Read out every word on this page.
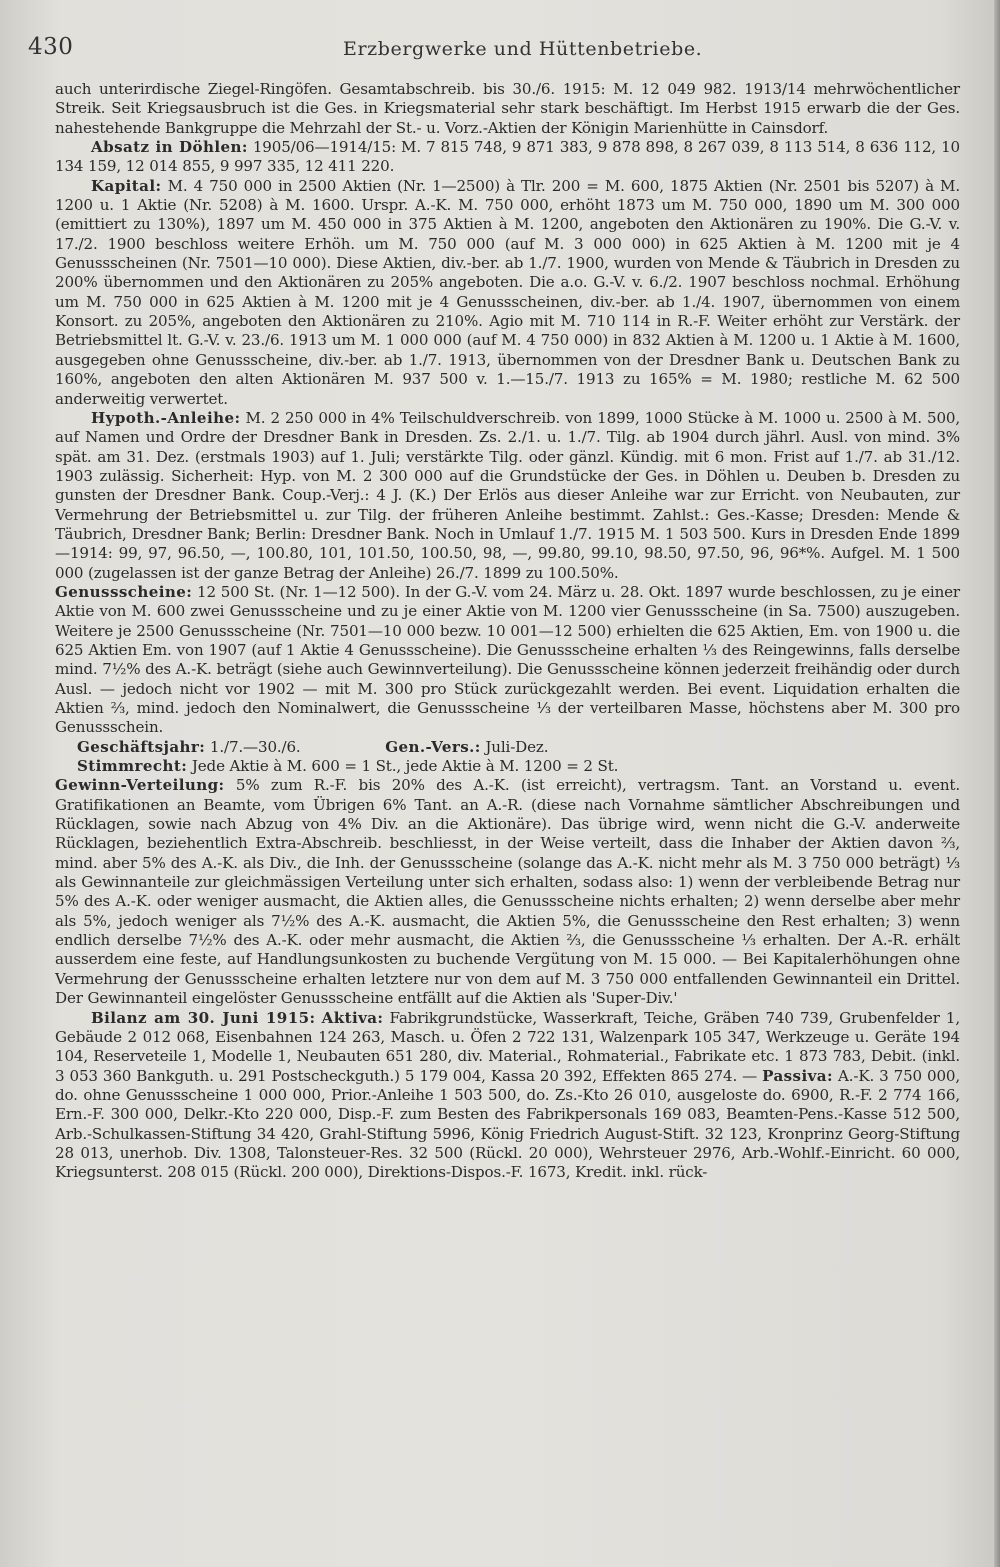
430	Erzbergwerke und Hüttenbetriebe.

auch unterirdische Ziegel-Ringöfen. Gesamtabschreib. bis 30./6. 1915: M. 12 049 982. 1913/14 mehrwöchentlicher Streik. Seit Kriegsausbruch ist die Ges. in Kriegsmaterial sehr stark beschäftigt. Im Herbst 1915 erwarb die der Ges. nahestehende Bankgruppe die Mehrzahl der St.- u. Vorz.-Aktien der Königin Marienhütte in Cainsdorf.

Absatz in Döhlen: 1905/06—1914/15: M. 7 815 748, 9 871 383, 9 878 898, 8 267 039, 8 113 514, 8 636 112, 10 134 159, 12 014 855, 9 997 335, 12 411 220.

Kapital: M. 4 750 000 in 2500 Aktien (Nr. 1—2500) à Tlr. 200 = M. 600, 1875 Aktien (Nr. 2501 bis 5207) à M. 1200 u. 1 Aktie (Nr. 5208) à M. 1600. Urspr. A.-K. M. 750 000, erhöht 1873 um M. 750 000, 1890 um M. 300 000 (emittiert zu 130%), 1897 um M. 450 000 in 375 Aktien à M. 1200, angeboten den Aktionären zu 190%. Die G.-V. v. 17./2. 1900 beschloss weitere Erhöh. um M. 750 000 (auf M. 3 000 000) in 625 Aktien à M. 1200 mit je 4 Genussscheinen (Nr. 7501—10 000). Diese Aktien, div.-ber. ab 1./7. 1900, wurden von Mende & Täubrich in Dresden zu 200% übernommen und den Aktionären zu 205% angeboten. Die a.o. G.-V. v. 6./2. 1907 beschloss nochmal. Erhöhung um M. 750 000 in 625 Aktien à M. 1200 mit je 4 Genussscheinen, div.-ber. ab 1./4. 1907, übernommen von einem Konsort. zu 205%, angeboten den Aktionären zu 210%. Agio mit M. 710 114 in R.-F. Weiter erhöht zur Verstärk. der Betriebsmittel lt. G.-V. v. 23./6. 1913 um M. 1 000 000 (auf M. 4 750 000) in 832 Aktien à M. 1200 u. 1 Aktie à M. 1600, ausgegeben ohne Genussscheine, div.-ber. ab 1./7. 1913, übernommen von der Dresdner Bank u. Deutschen Bank zu 160%, angeboten den alten Aktionären M. 937 500 v. 1.—15./7. 1913 zu 165% = M. 1980; restliche M. 62 500 anderweitig verwertet.

Hypoth.-Anleihe: M. 2 250 000 in 4% Teilschuldverschreib. von 1899, 1000 Stücke à M. 1000 u. 2500 à M. 500, auf Namen und Ordre der Dresdner Bank in Dresden. Zs. 2./1. u. 1./7. Tilg. ab 1904 durch jährl. Ausl. von mind. 3% spät. am 31. Dez. (erstmals 1903) auf 1. Juli; verstärkte Tilg. oder gänzl. Kündig. mit 6 mon. Frist auf 1./7. ab 31./12. 1903 zulässig. Sicherheit: Hyp. von M. 2 300 000 auf die Grundstücke der Ges. in Döhlen u. Deuben b. Dresden zu gunsten der Dresdner Bank. Coup.-Verj.: 4 J. (K.) Der Erlös aus dieser Anleihe war zur Erricht. von Neubauten, zur Vermehrung der Betriebsmittel u. zur Tilg. der früheren Anleihe bestimmt. Zahlst.: Ges.-Kasse; Dresden: Mende & Täubrich, Dresdner Bank; Berlin: Dresdner Bank. Noch in Umlauf 1./7. 1915 M. 1 503 500. Kurs in Dresden Ende 1899—1914: 99, 97, 96.50, —, 100.80, 101, 101.50, 100.50, 98, —, 99.80, 99.10, 98.50, 97.50, 96, 96*%. Aufgel. M. 1 500 000 (zugelassen ist der ganze Betrag der Anleihe) 26./7. 1899 zu 100.50%.

Genussscheine: 12 500 St. (Nr. 1—12 500). In der G.-V. vom 24. März u. 28. Okt. 1897 wurde beschlossen, zu je einer Aktie von M. 600 zwei Genussscheine und zu je einer Aktie von M. 1200 vier Genussscheine (in Sa. 7500) auszugeben. Weitere je 2500 Genussscheine (Nr. 7501—10 000 bezw. 10 001—12 500) erhielten die 625 Aktien, Em. von 1900 u. die 625 Aktien Em. von 1907 (auf 1 Aktie 4 Genussscheine). Die Genussscheine erhalten ⅓ des Reingewinns, falls derselbe mind. 7½% des A.-K. beträgt (siehe auch Gewinnverteilung). Die Genussscheine können jederzeit freihändig oder durch Ausl. — jedoch nicht vor 1902 — mit M. 300 pro Stück zurückgezahlt werden. Bei event. Liquidation erhalten die Aktien ⅔, mind. jedoch den Nominalwert, die Genussscheine ⅓ der verteilbaren Masse, höchstens aber M. 300 pro Genussschein.

Geschäftsjahr: 1./7.—30./6.	Gen.-Vers.: Juli-Dez.

Stimmrecht: Jede Aktie à M. 600 = 1 St., jede Aktie à M. 1200 = 2 St.

Gewinn-Verteilung: 5% zum R.-F. bis 20% des A.-K. (ist erreicht), vertragsm. Tant. an Vorstand u. event. Gratifikationen an Beamte, vom Übrigen 6% Tant. an A.-R. (diese nach Vornahme sämtlicher Abschreibungen und Rücklagen, sowie nach Abzug von 4% Div. an die Aktionäre). Das übrige wird, wenn nicht die G.-V. anderweite Rücklagen, beziehentlich Extra-Abschreib. beschliesst, in der Weise verteilt, dass die Inhaber der Aktien davon ⅔, mind. aber 5% des A.-K. als Div., die Inh. der Genussscheine (solange das A.-K. nicht mehr als M. 3 750 000 beträgt) ⅓ als Gewinnanteile zur gleichmässigen Verteilung unter sich erhalten, sodass also: 1) wenn der verbleibende Betrag nur 5% des A.-K. oder weniger ausmacht, die Aktien alles, die Genussscheine nichts erhalten; 2) wenn derselbe aber mehr als 5%, jedoch weniger als 7½% des A.-K. ausmacht, die Aktien 5%, die Genussscheine den Rest erhalten; 3) wenn endlich derselbe 7½% des A.-K. oder mehr ausmacht, die Aktien ⅔, die Genussscheine ⅓ erhalten. Der A.-R. erhält ausserdem eine feste, auf Handlungsunkosten zu buchende Vergütung von M. 15 000. — Bei Kapitalerhöhungen ohne Vermehrung der Genussscheine erhalten letztere nur von dem auf M. 3 750 000 entfallenden Gewinnanteil ein Drittel. Der Gewinnanteil eingelöster Genussscheine entfällt auf die Aktien als 'Super-Div.'

Bilanz am 30. Juni 1915: Aktiva: Fabrikgrundstücke, Wasserkraft, Teiche, Gräben 740 739, Grubenfelder 1, Gebäude 2 012 068, Eisenbahnen 124 263, Masch. u. Öfen 2 722 131, Walzenpark 105 347, Werkzeuge u. Geräte 194 104, Reserveteile 1, Modelle 1, Neubauten 651 280, div. Material., Rohmaterial., Fabrikate etc. 1 873 783, Debit. (inkl. 3 053 360 Bankguth. u. 291 Postscheckguth.) 5 179 004, Kassa 20 392, Effekten 865 274. — Passiva: A.-K. 3 750 000, do. ohne Genussscheine 1 000 000, Prior.-Anleihe 1 503 500, do. Zs.-Kto 26 010, ausgeloste do. 6900, R.-F. 2 774 166, Ern.-F. 300 000, Delkr.-Kto 220 000, Disp.-F. zum Besten des Fabrikpersonals 169 083, Beamten-Pens.-Kasse 512 500, Arb.-Schulkassen-Stiftung 34 420, Grahl-Stiftung 5996, König Friedrich August-Stift. 32 123, Kronprinz Georg-Stiftung 28 013, unerhob. Div. 1308, Talonsteuer-Res. 32 500 (Rückl. 20 000), Wehrsteuer 2976, Arb.-Wohlf.-Einricht. 60 000, Kriegsunterst. 208 015 (Rückl. 200 000), Direktions-Dispos.-F. 1673, Kredit. inkl. rück-
